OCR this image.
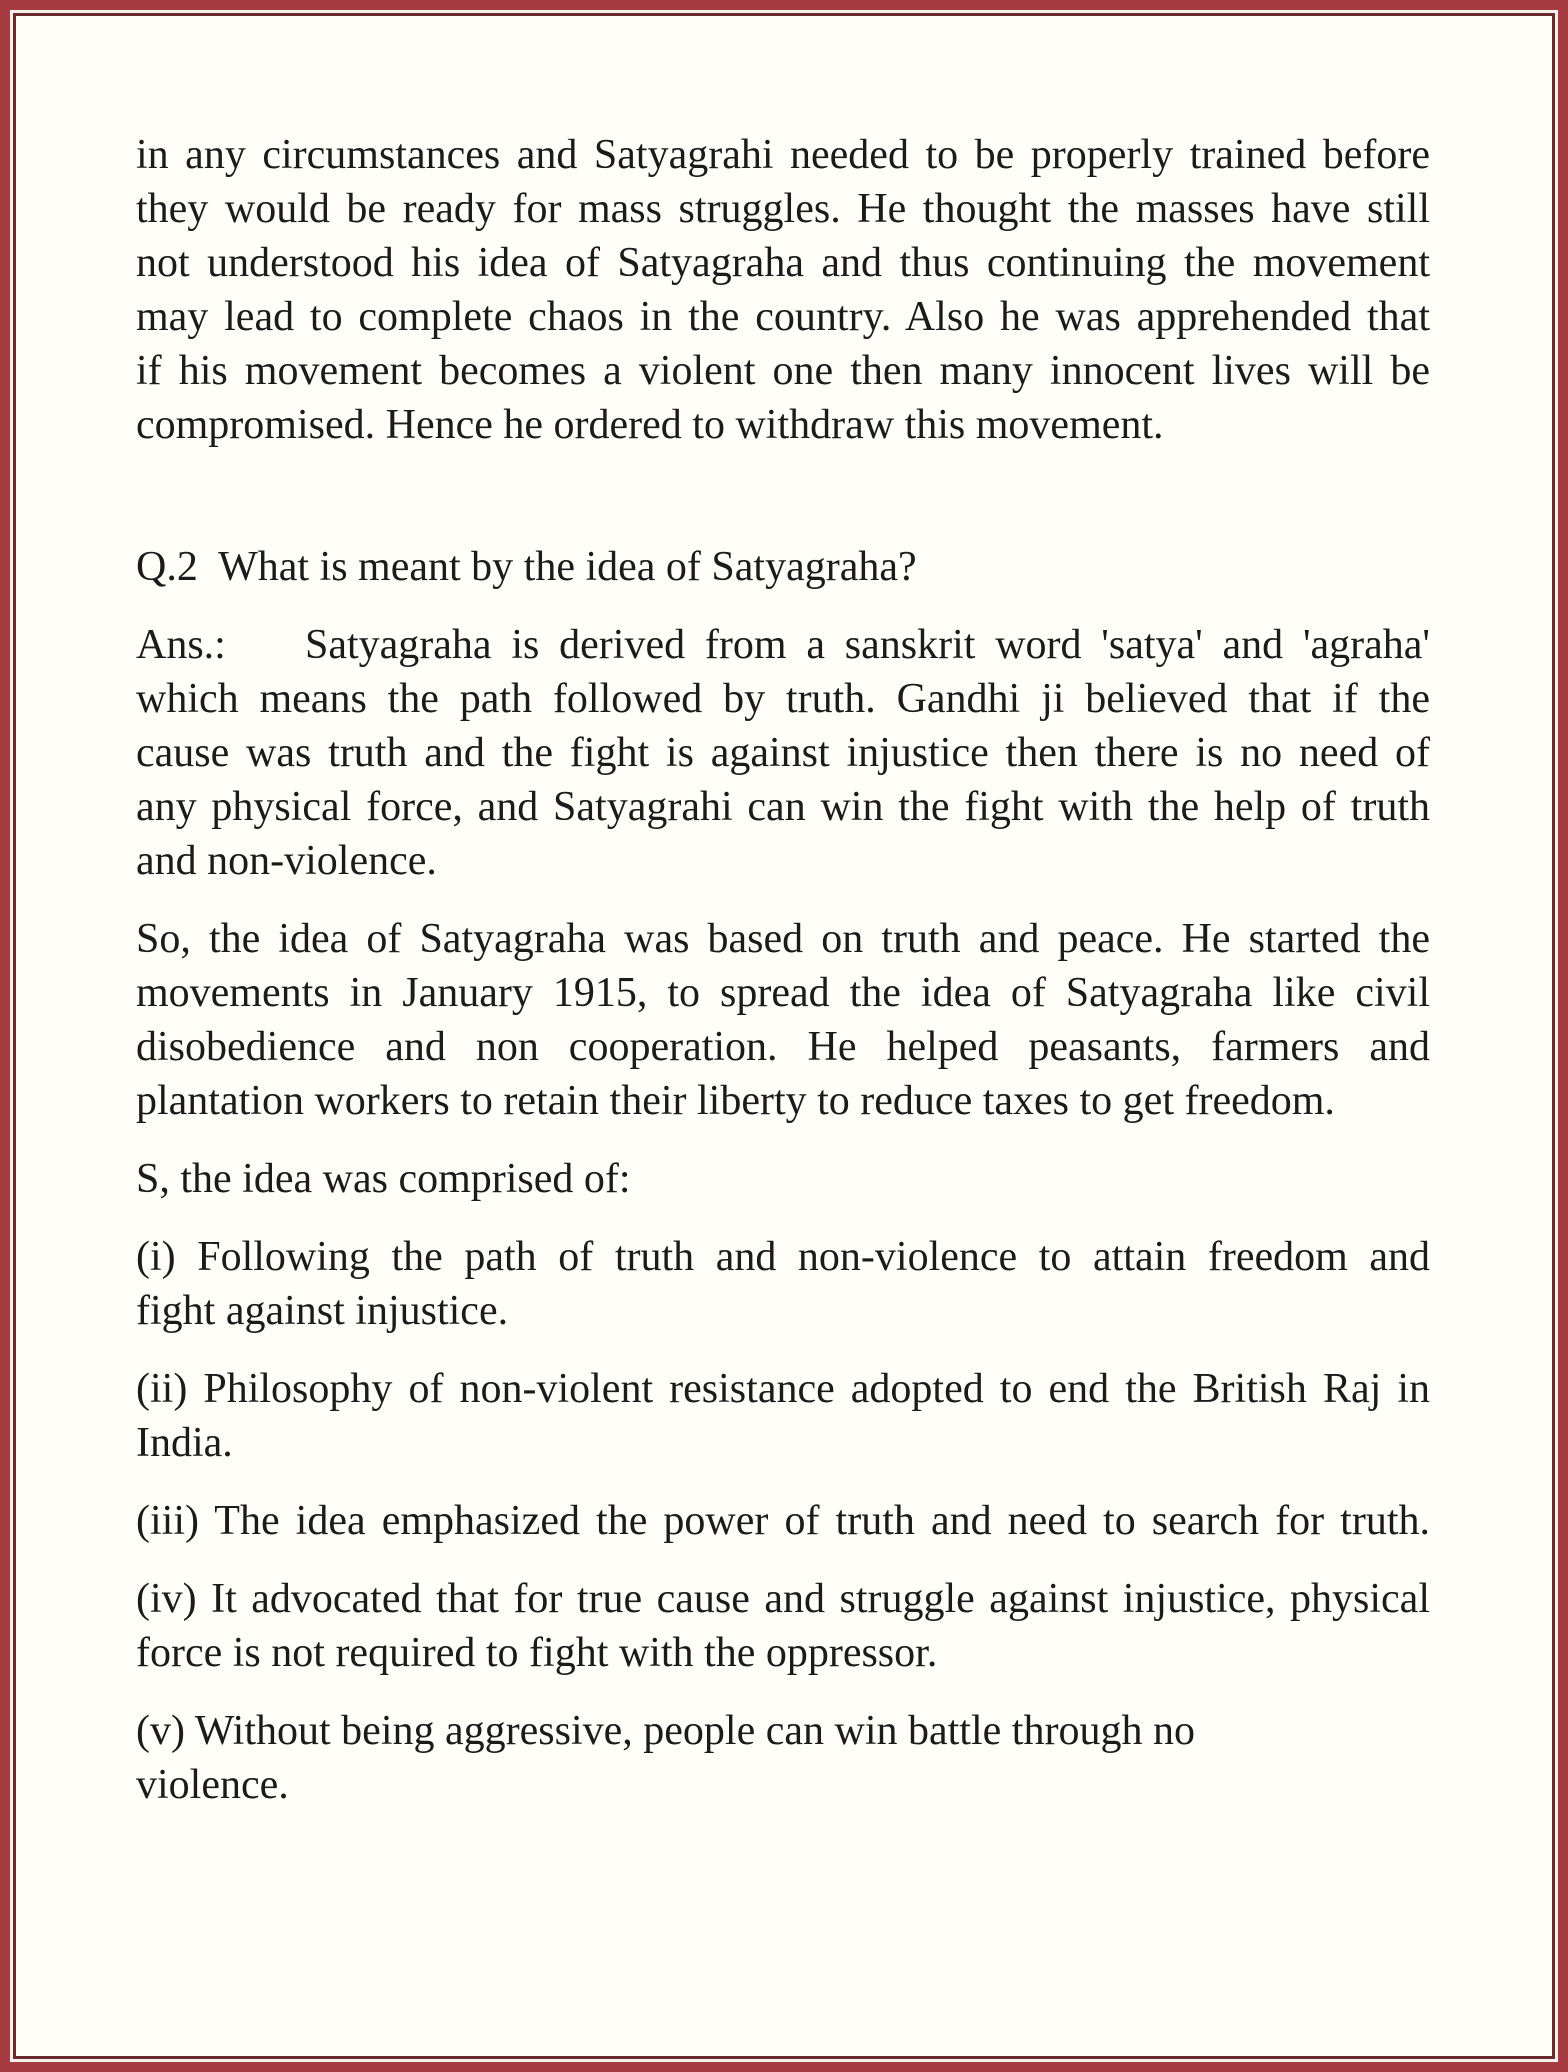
in any circumstances and Satyagrahi needed to be properly trained before
they would be ready for mass struggles. He thought the masses have still
not understood his idea of Satyagraha and thus continuing the movement
may lead to complete chaos in the country. Also he was apprehended that
if his movement becomes a violent one then many innocent lives will be
compromised. Hence he ordered to withdraw this movement.
Q.2  What is meant by the idea of Satyagraha?
Ans.:    Satyagraha is derived from a sanskrit word 'satya' and 'agraha'
which means the path followed by truth. Gandhi ji believed that if the
cause was truth and the fight is against injustice then there is no need of
any physical force, and Satyagrahi can win the fight with the help of truth
and non-violence.
So, the idea of Satyagraha was based on truth and peace. He started the
movements in January 1915, to spread the idea of Satyagraha like civil
disobedience and non cooperation. He helped peasants, farmers and
plantation workers to retain their liberty to reduce taxes to get freedom.
S, the idea was comprised of:
(i) Following the path of truth and non-violence to attain freedom and
fight against injustice.
(ii) Philosophy of non-violent resistance adopted to end the British Raj in
India.
(iii) The idea emphasized the power of truth and need to search for truth.
(iv) It advocated that for true cause and struggle against injustice, physical
force is not required to fight with the oppressor.
(v) Without being aggressive, people can win battle through no
violence.
